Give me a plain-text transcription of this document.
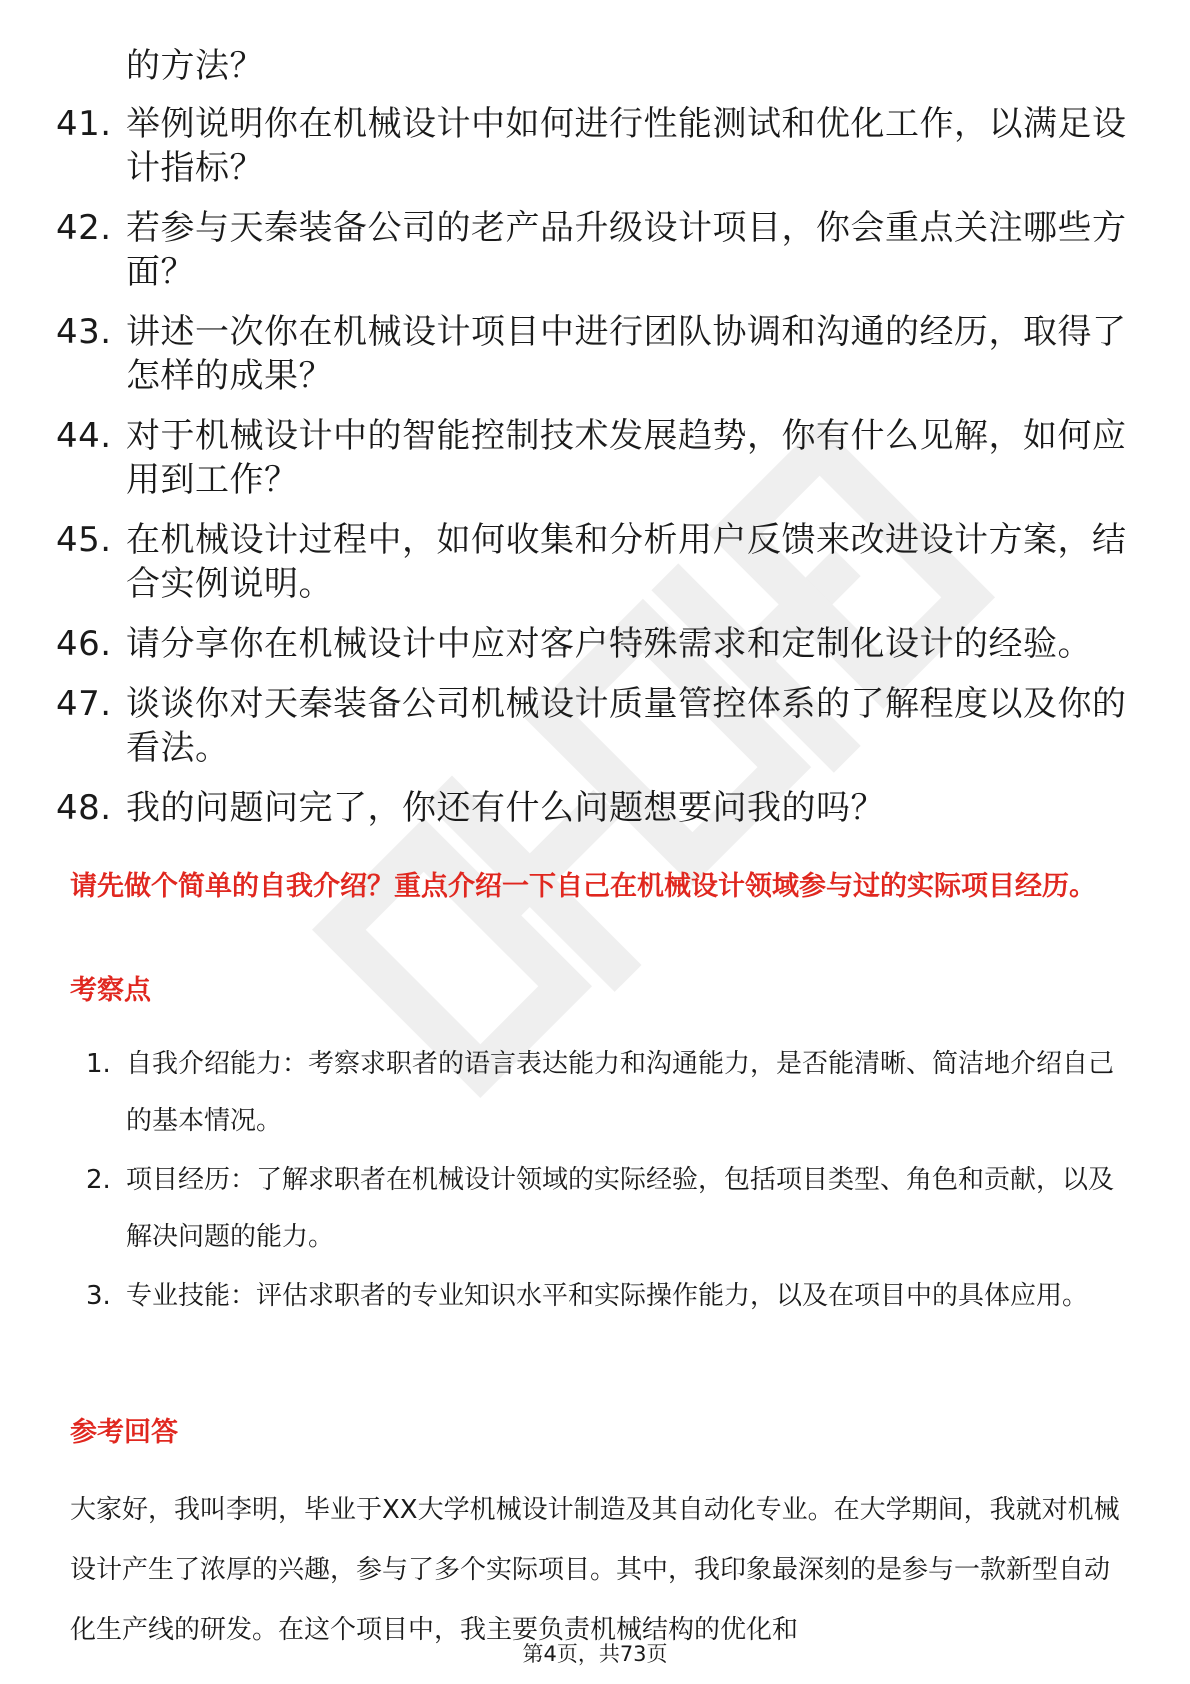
的方法？
41. 举例说明你在机械设计中如何进行性能测试和优化工作，以满足设计指标？
42. 若参与天秦装备公司的老产品升级设计项目，你会重点关注哪些方面？
43. 讲述一次你在机械设计项目中进行团队协调和沟通的经历，取得了怎样的成果？
44. 对于机械设计中的智能控制技术发展趋势，你有什么见解，如何应用到工作？
45. 在机械设计过程中，如何收集和分析用户反馈来改进设计方案，结合实例说明。
46. 请分享你在机械设计中应对客户特殊需求和定制化设计的经验。
47. 谈谈你对天秦装备公司机械设计质量管控体系的了解程度以及你的看法。
48. 我的问题问完了，你还有什么问题想要问我的吗？
请先做个简单的自我介绍？重点介绍一下自己在机械设计领域参与过的实际项目经历。
考察点
1. 自我介绍能力：考察求职者的语言表达能力和沟通能力，是否能清晰、简洁地介绍自己的基本情况。
2. 项目经历：了解求职者在机械设计领域的实际经验，包括项目类型、角色和贡献，以及解决问题的能力。
3. 专业技能：评估求职者的专业知识水平和实际操作能力，以及在项目中的具体应用。
参考回答
大家好，我叫李明，毕业于XX大学机械设计制造及其自动化专业。在大学期间，我就对机械设计产生了浓厚的兴趣，参与了多个实际项目。其中，我印象最深刻的是参与一款新型自动化生产线的研发。在这个项目中，我主要负责机械结构的优化和
第4页，共73页
